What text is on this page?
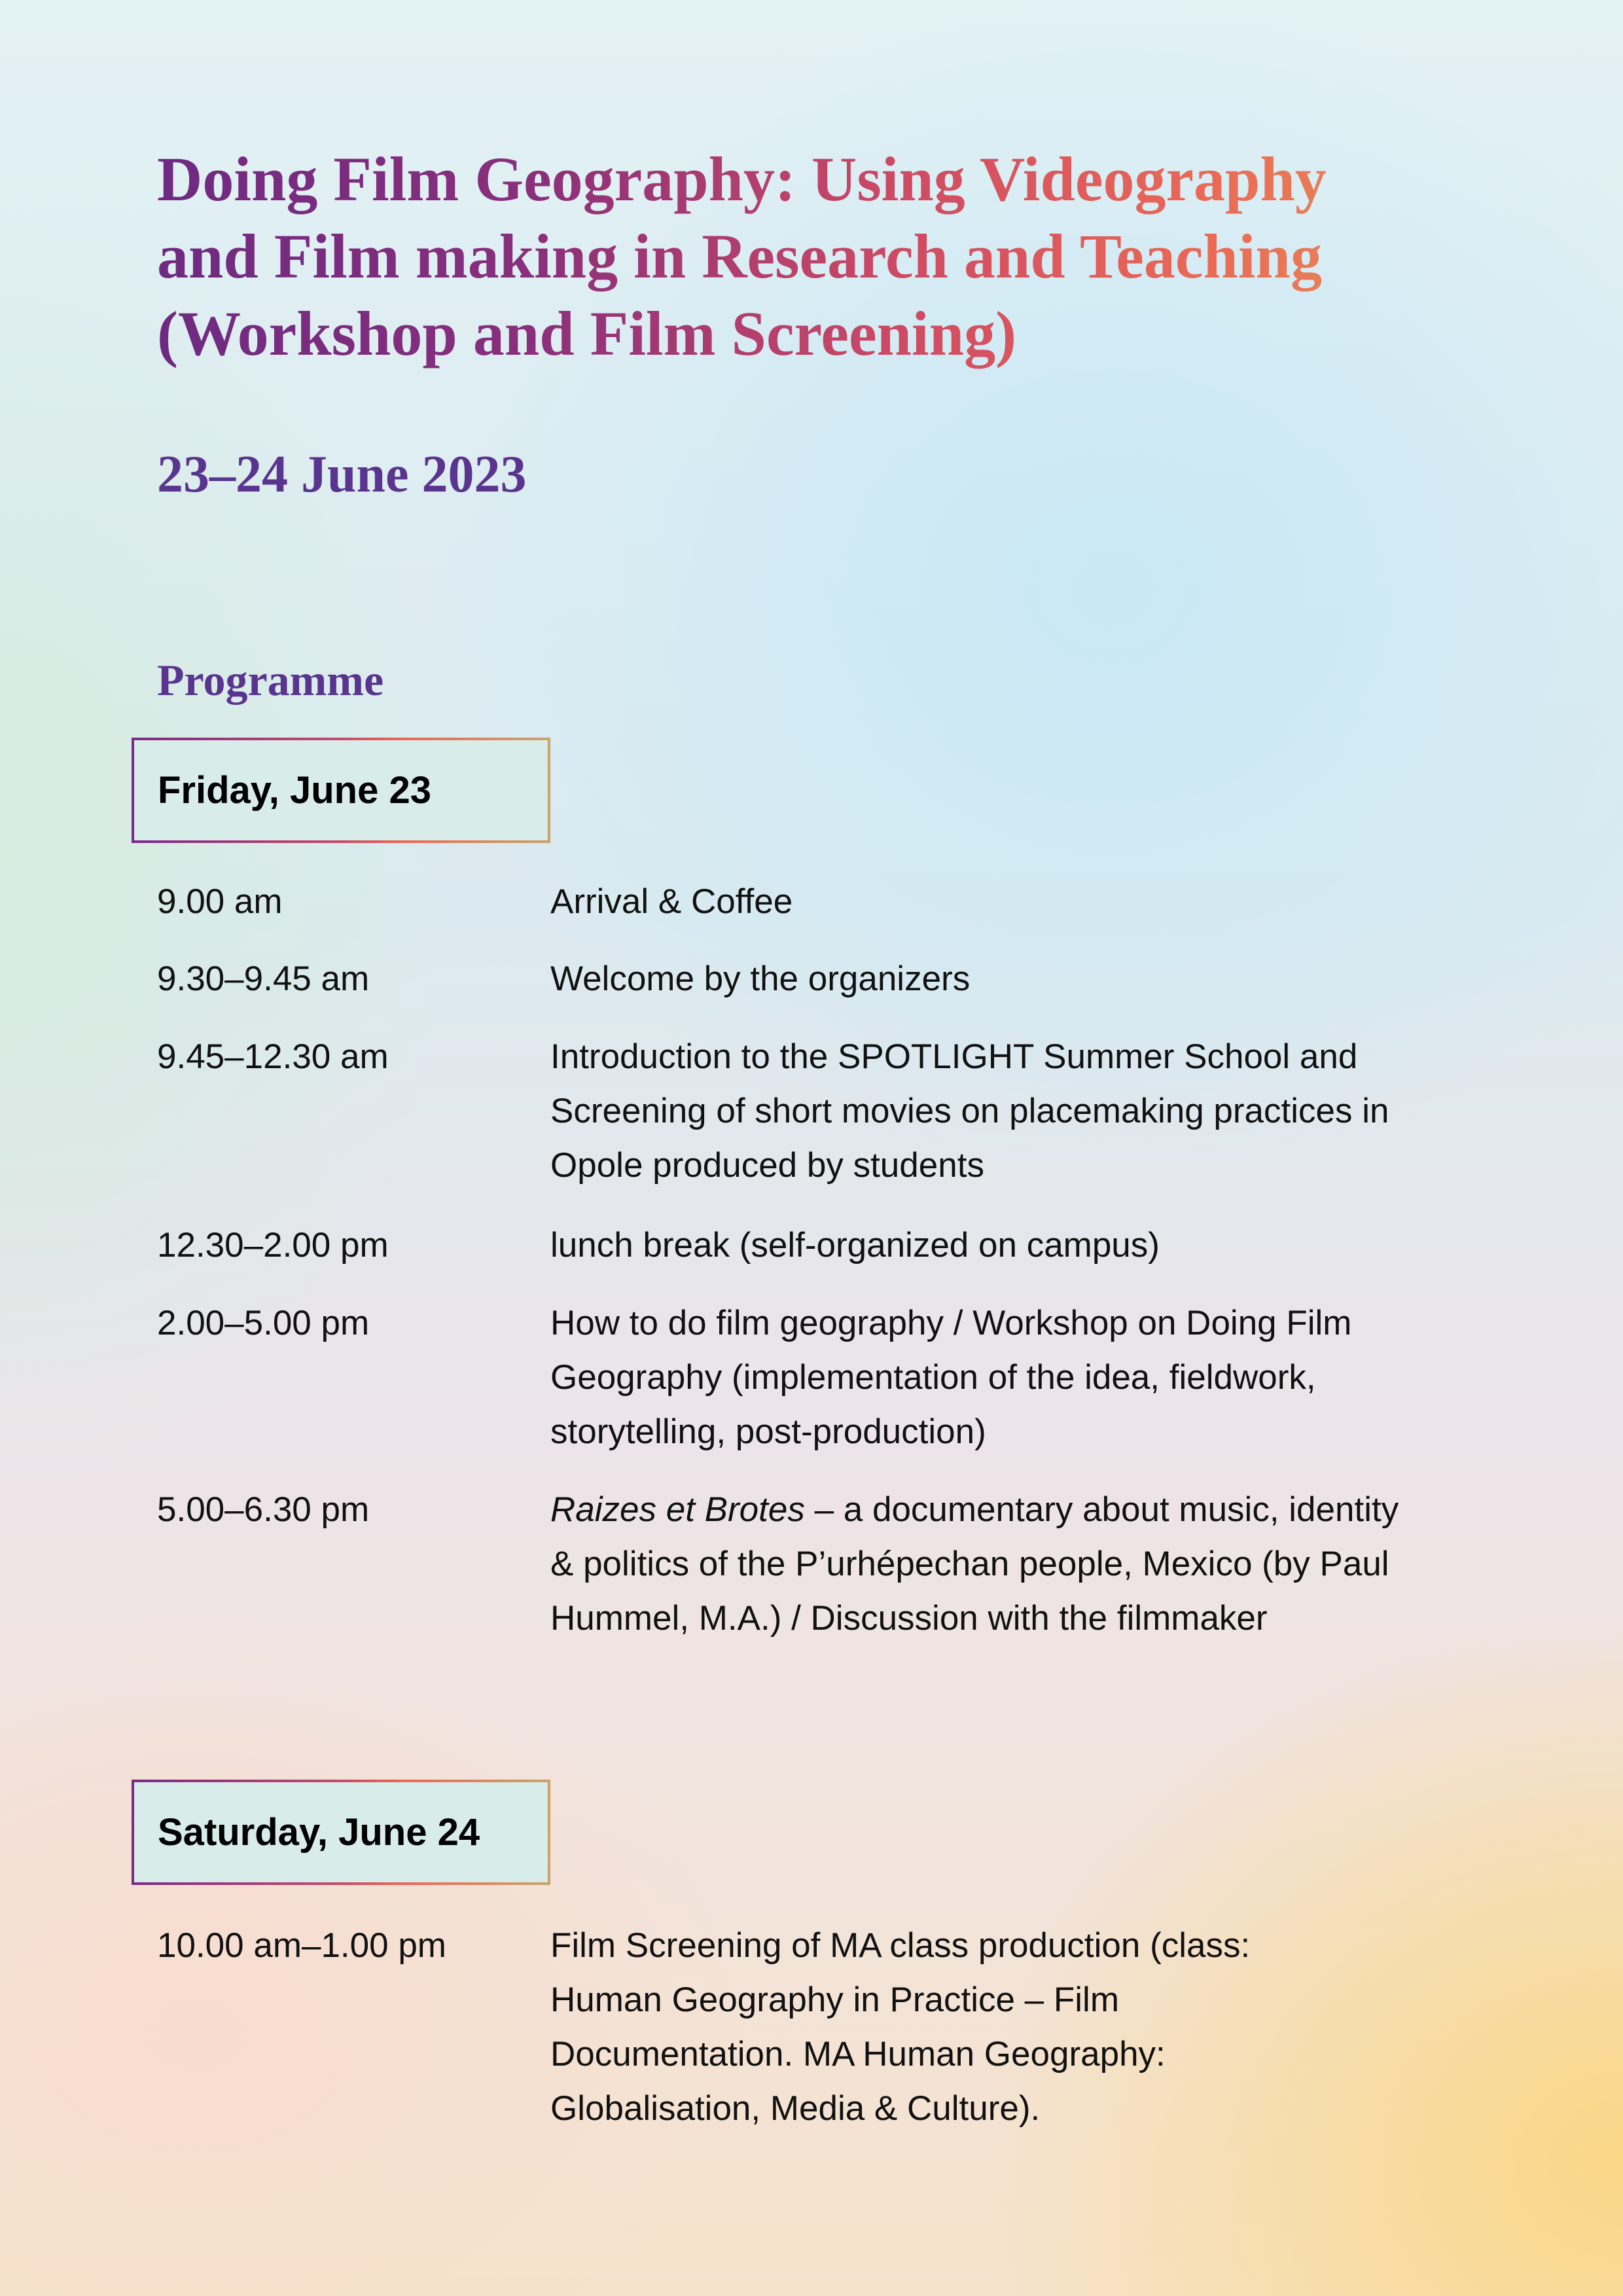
Doing Film Geography: Using Videography and Film making in Research and Teaching (Workshop and Film Screening)
23–24 June 2023
Programme
Friday, June 23
9.00 am	Arrival & Coffee
9.30–9.45 am	Welcome by the organizers
9.45–12.30 am	Introduction to the SPOTLIGHT Summer School and Screening of short movies on placemaking practices in Opole produced by students
12.30–2.00 pm	lunch break (self-organized on campus)
2.00–5.00 pm	How to do film geography / Workshop on Doing Film Geography (implementation of the idea, fieldwork, storytelling, post-production)
5.00–6.30 pm	Raizes et Brotes – a documentary about music, identity & politics of the P’urhépechan people, Mexico (by Paul Hummel, M.A.) / Discussion with the filmmaker
Saturday, June 24
10.00 am–1.00 pm	Film Screening of MA class production (class: Human Geography in Practice – Film Documentation. MA Human Geography: Globalisation, Media & Culture).
